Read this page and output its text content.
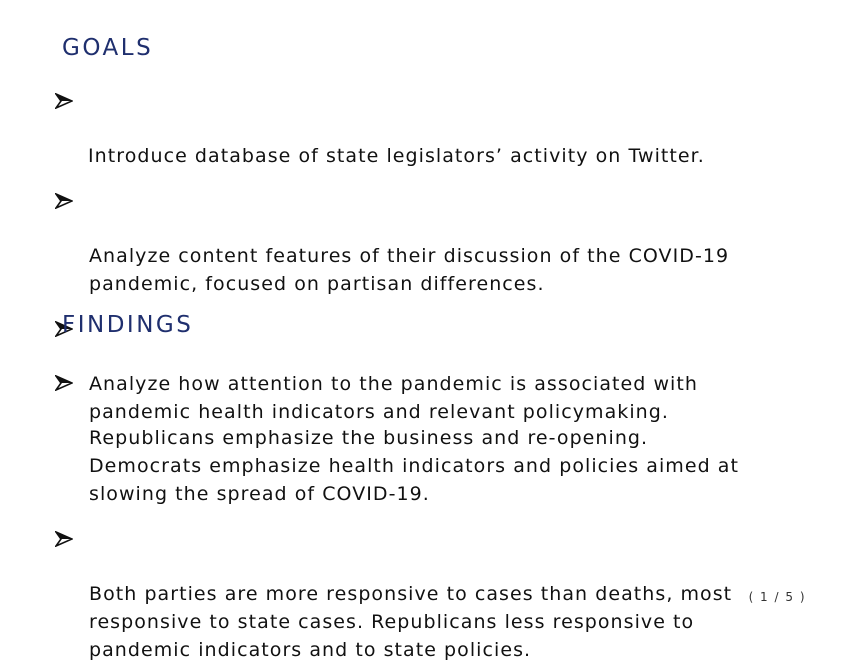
GOALS

Introduce database of state legislators’ activity on Twitter.

Analyze content features of their discussion of the COVID-19
pandemic, focused on partisan differences.

Analyze how attention to the pandemic is associated with
pandemic health indicators and relevant policymaking.

FINDINGS

Republicans emphasize the business and re-opening.
Democrats emphasize health indicators and policies aimed at
slowing the spread of COVID-19.

Both parties are more responsive to cases than deaths, most
responsive to state cases. Republicans less responsive to
pandemic indicators and to state policies.

( 1 / 5 )
